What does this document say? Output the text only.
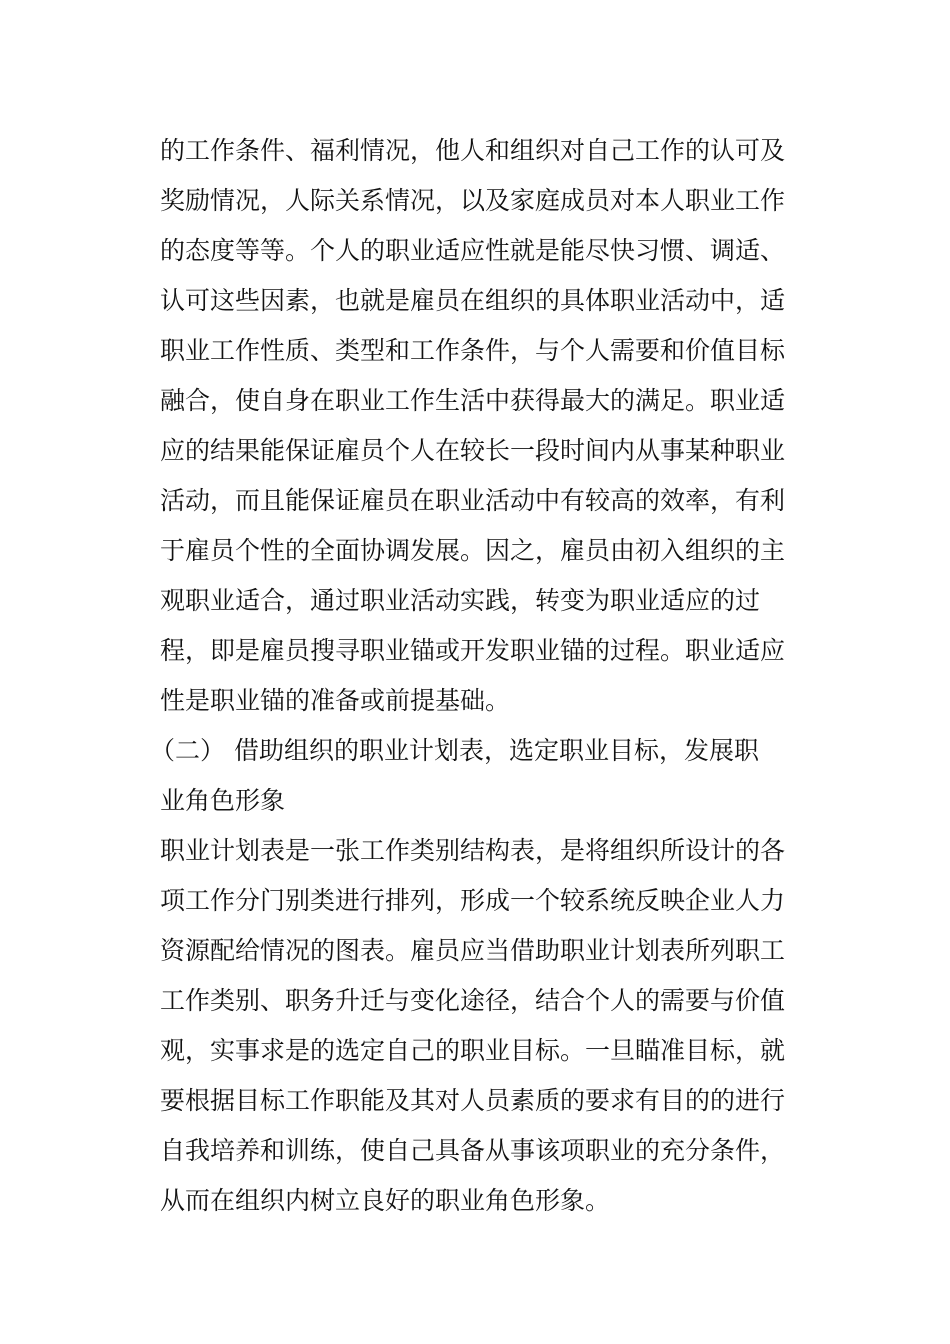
的工作条件、福利情况，他人和组织对自己工作的认可及
奖励情况，人际关系情况，以及家庭成员对本人职业工作
的态度等等。个人的职业适应性就是能尽快习惯、调适、
认可这些因素，也就是雇员在组织的具体职业活动中，适
职业工作性质、类型和工作条件，与个人需要和价值目标
融合，使自身在职业工作生活中获得最大的满足。职业适
应的结果能保证雇员个人在较长一段时间内从事某种职业
活动，而且能保证雇员在职业活动中有较高的效率，有利
于雇员个性的全面协调发展。因之，雇员由初入组织的主
观职业适合，通过职业活动实践，转变为职业适应的过
程，即是雇员搜寻职业锚或开发职业锚的过程。职业适应
性是职业锚的准备或前提基础。
（二） 借助组织的职业计划表，选定职业目标，发展职
业角色形象
职业计划表是一张工作类别结构表，是将组织所设计的各
项工作分门别类进行排列，形成一个较系统反映企业人力
资源配给情况的图表。雇员应当借助职业计划表所列职工
工作类别、职务升迁与变化途径，结合个人的需要与价值
观，实事求是的选定自己的职业目标。一旦瞄准目标，就
要根据目标工作职能及其对人员素质的要求有目的的进行
自我培养和训练，使自己具备从事该项职业的充分条件，
从而在组织内树立良好的职业角色形象。
